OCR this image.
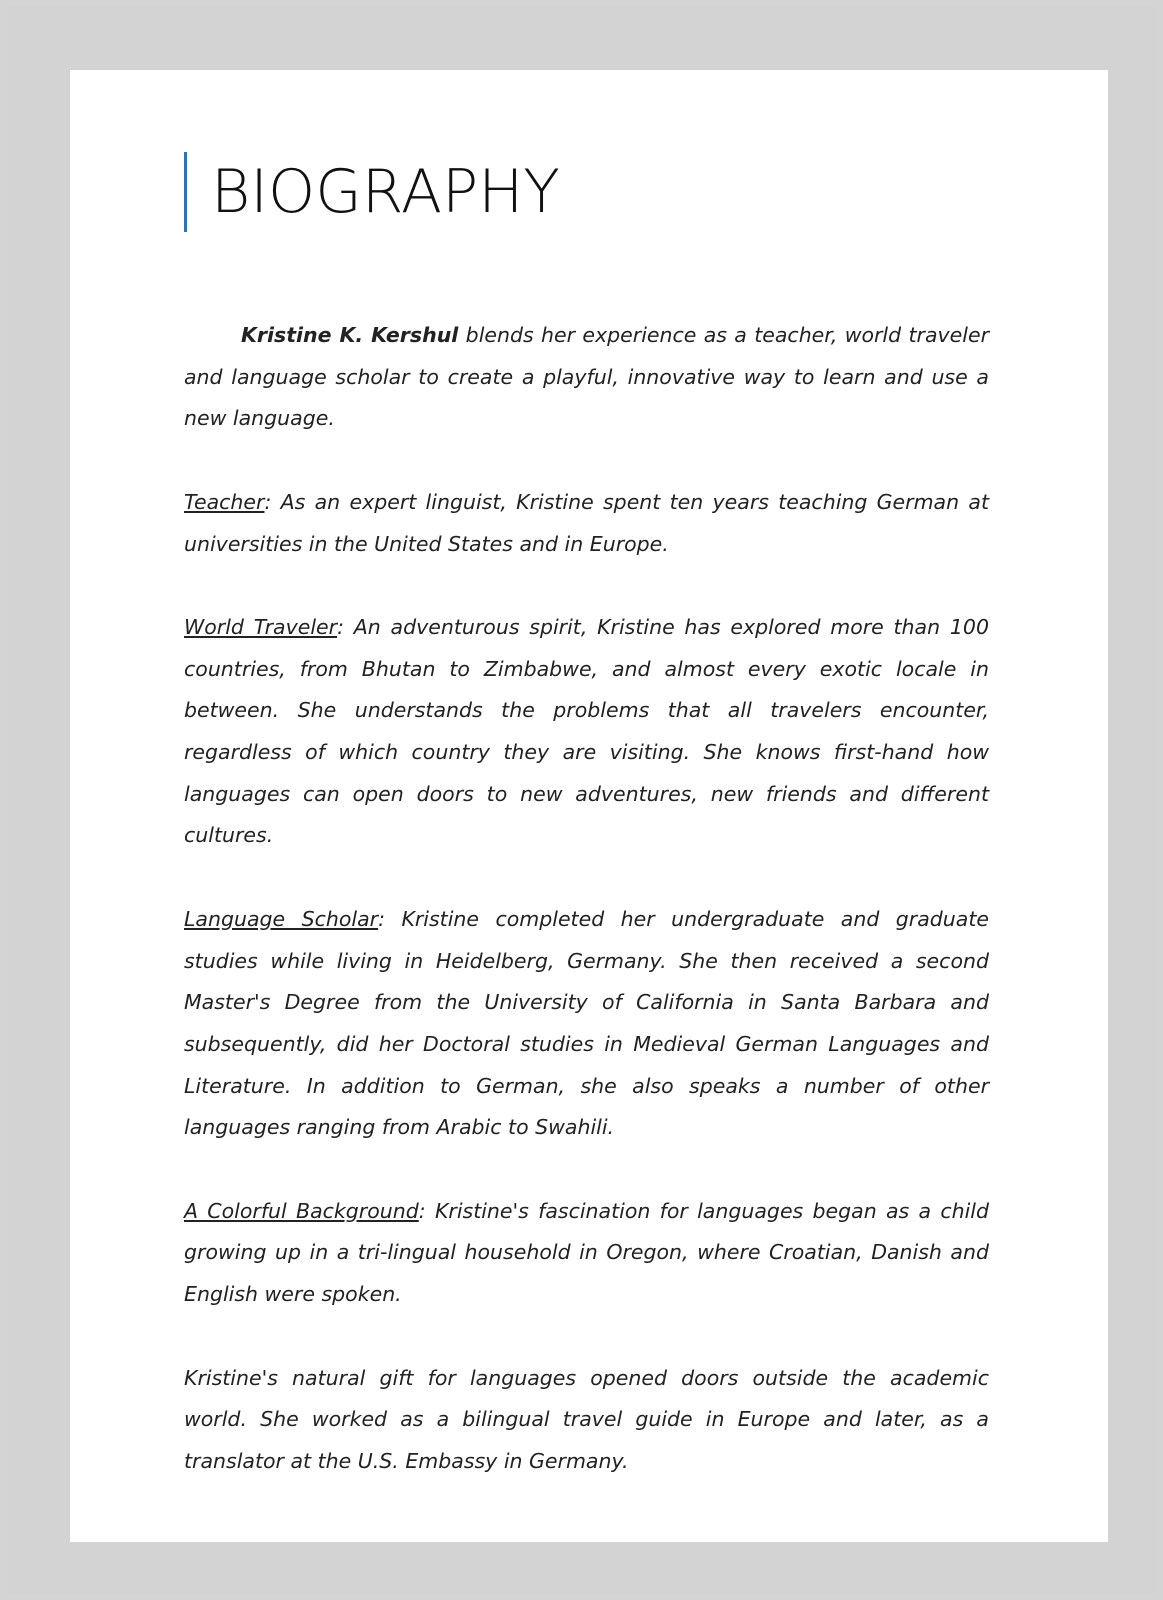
BIOGRAPHY

Kristine K. Kershul blends her experience as a teacher, world traveler and language scholar to create a playful, innovative way to learn and use a new language.

Teacher: As an expert linguist, Kristine spent ten years teaching German at universities in the United States and in Europe.

World Traveler: An adventurous spirit, Kristine has explored more than 100 countries, from Bhutan to Zimbabwe, and almost every exotic locale in between. She understands the problems that all travelers encounter, regardless of which country they are visiting. She knows first-hand how languages can open doors to new adventures, new friends and different cultures.

Language Scholar: Kristine completed her undergraduate and graduate studies while living in Heidelberg, Germany. She then received a second Master's Degree from the University of California in Santa Barbara and subsequently, did her Doctoral studies in Medieval German Languages and Literature. In addition to German, she also speaks a number of other languages ranging from Arabic to Swahili.

A Colorful Background: Kristine's fascination for languages began as a child growing up in a tri-lingual household in Oregon, where Croatian, Danish and English were spoken.

Kristine's natural gift for languages opened doors outside the academic world. She worked as a bilingual travel guide in Europe and later, as a translator at the U.S. Embassy in Germany.
